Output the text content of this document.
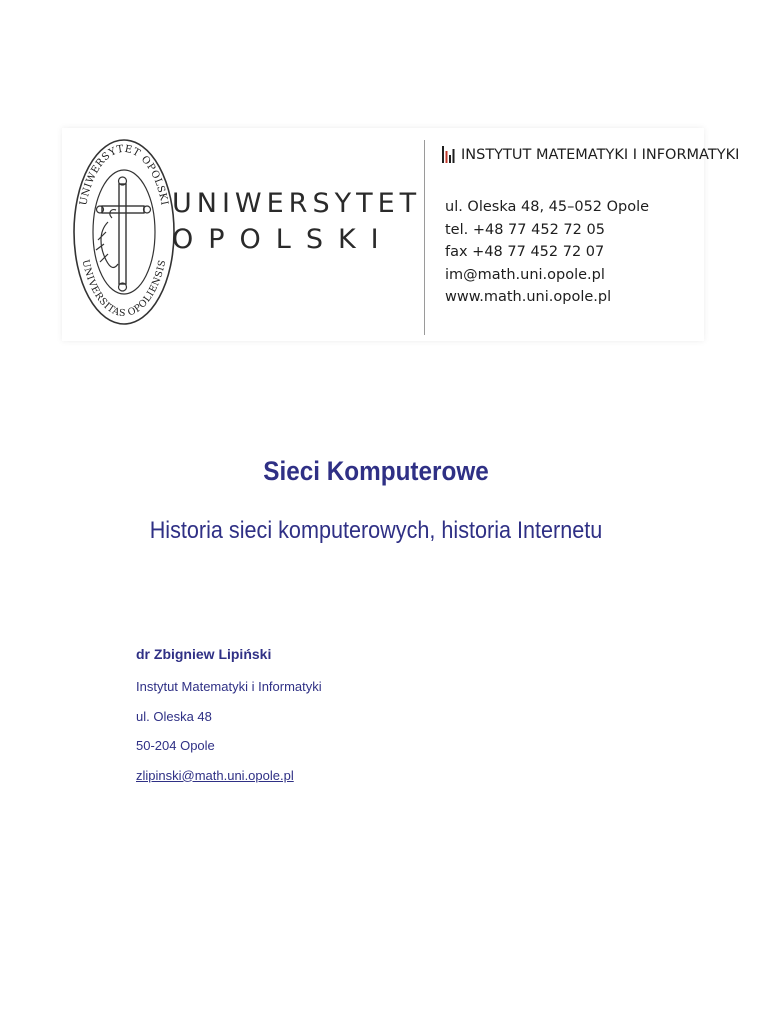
UNIWERSYTET OPOLSKI
UNIVERSITAS OPOLIENSIS
UNIWERSYTET
OPOLSKI
INSTYTUT MATEMATYKI I INFORMATYKI
ul. Oleska 48, 45–052 Opole
tel. +48 77 452 72 05
fax +48 77 452 72 07
im@math.uni.opole.pl
www.math.uni.opole.pl
Sieci Komputerowe
Historia sieci komputerowych, historia Internetu
dr Zbigniew Lipiński
Instytut Matematyki i Informatyki
ul. Oleska 48
50-204 Opole
zlipinski@math.uni.opole.pl
